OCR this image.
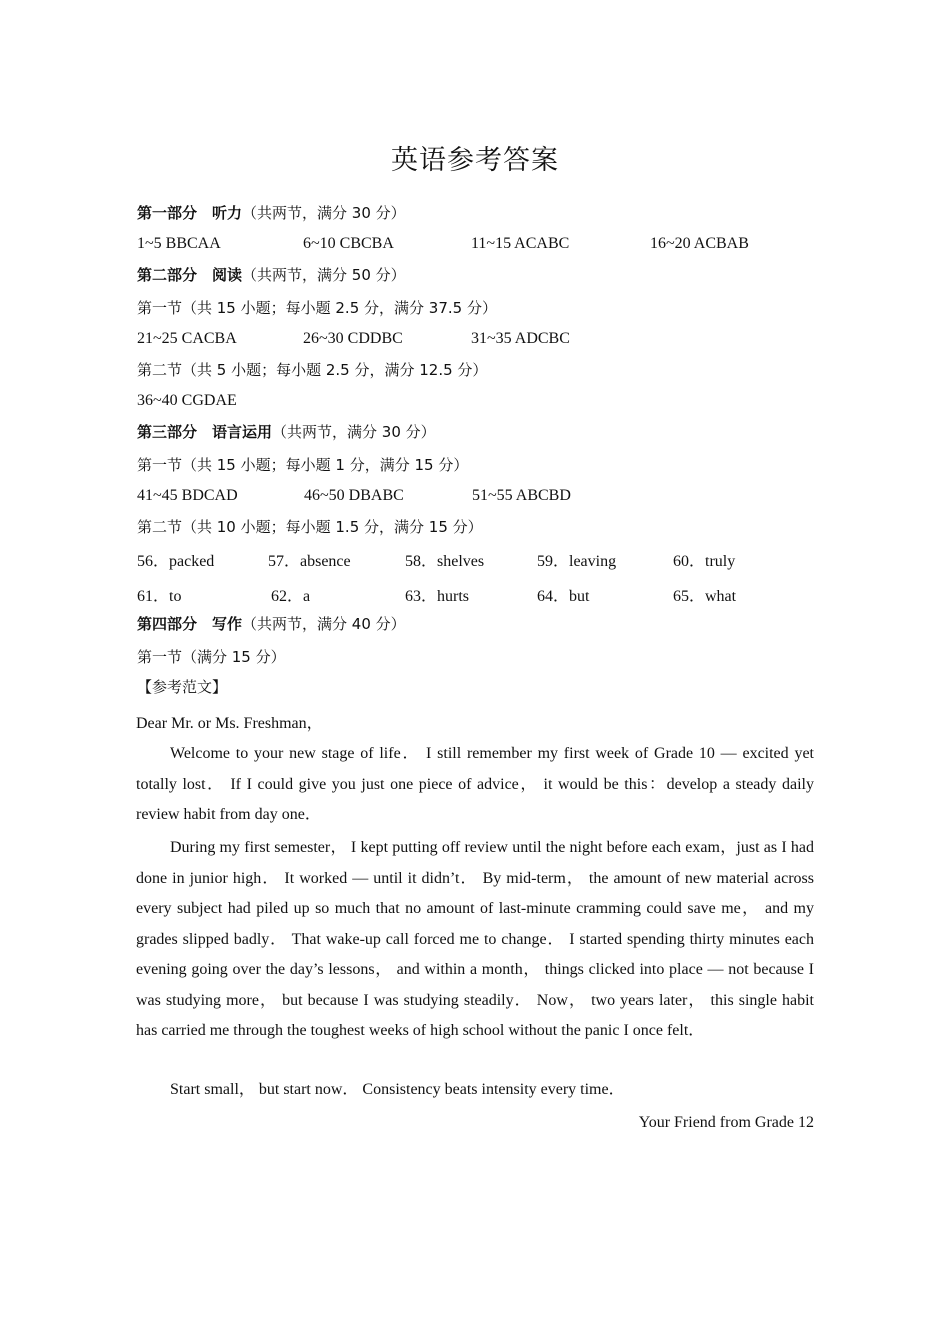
英语参考答案
第一部分　听力（共两节，满分 30 分）
1~5 BBCAA	6~10 CBCBA	11~15 ACABC	16~20 ACBAB
第二部分　阅读（共两节，满分 50 分）
第一节（共 15 小题；每小题 2.5 分，满分 37.5 分）
21~25 CACBA	26~30 CDDBC	31~35 ADCBC
第二节（共 5 小题；每小题 2.5 分，满分 12.5 分）
36~40 CGDAE
第三部分　语言运用（共两节，满分 30 分）
第一节（共 15 小题；每小题 1 分，满分 15 分）
41~45 BDCAD	46~50 DBABC	51~55 ABCBD
第二节（共 10 小题；每小题 1.5 分，满分 15 分）
56．packed	57．absence	58．shelves	59．leaving	60．truly
61．to	62．a	63．hurts	64．but	65．what
第四部分　写作（共两节，满分 40 分）
第一节（满分 15 分）
【参考范文】
Dear Mr. or Ms. Freshman，
Welcome to your new stage of life． I still remember my first week of Grade 10 — excited yet totally lost． If I could give you just one piece of advice， it would be this：develop a steady daily review habit from day one．
During my first semester， I kept putting off review until the night before each exam，just as I had done in junior high． It worked — until it didn’t． By mid-term， the amount of new material across every subject had piled up so much that no amount of last-minute cramming could save me， and my grades slipped badly． That wake-up call forced me to change． I started spending thirty minutes each evening going over the day’s lessons， and within a month， things clicked into place — not because I was studying more， but because I was studying steadily． Now， two years later， this single habit has carried me through the toughest weeks of high school without the panic I once felt．
Start small， but start now． Consistency beats intensity every time．
Your Friend from Grade 12
